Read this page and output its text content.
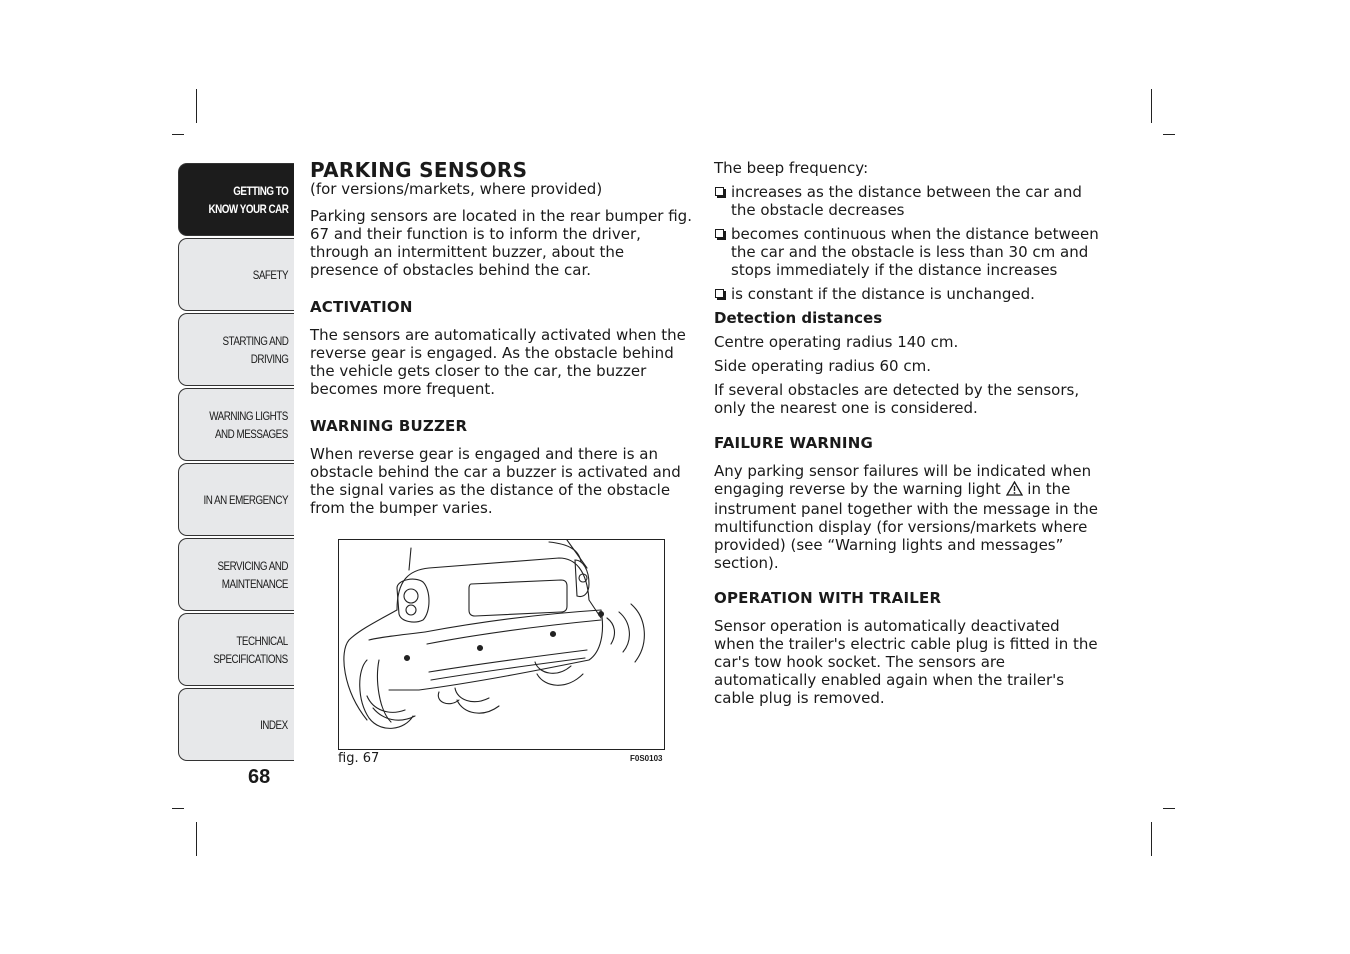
GETTING TO
KNOW YOUR CAR
SAFETY
STARTING AND
DRIVING
WARNING LIGHTS
AND MESSAGES
IN AN EMERGENCY
SERVICING AND
MAINTENANCE
TECHNICAL
SPECIFICATIONS
INDEX
68
PARKING SENSORS

(for versions/markets, where provided)

Parking sensors are located in the rear bumper fig. 67 and their function is to inform the driver, through an intermittent buzzer, about the presence of obstacles behind the car.

ACTIVATION

The sensors are automatically activated when the reverse gear is engaged. As the obstacle behind the vehicle gets closer to the car, the buzzer becomes more frequent.

WARNING BUZZER

When reverse gear is engaged and there is an obstacle behind the car a buzzer is activated and the signal varies as the distance of the obstacle from the bumper varies.

fig. 67	F0S0103

The beep frequency:

increases as the distance between the car and the obstacle decreases
becomes continuous when the distance between the car and the obstacle is less than 30 cm and stops immediately if the distance increases
is constant if the distance is unchanged.

Detection distances

Centre operating radius 140 cm.

Side operating radius 60 cm.

If several obstacles are detected by the sensors, only the nearest one is considered.

FAILURE WARNING

Any parking sensor failures will be indicated when engaging reverse by the warning light in the instrument panel together with the message in the multifunction display (for versions/markets where provided) (see “Warning lights and messages” section).

OPERATION WITH TRAILER

Sensor operation is automatically deactivated when the trailer's electric cable plug is fitted in the car's tow hook socket. The sensors are automatically enabled again when the trailer's cable plug is removed.
